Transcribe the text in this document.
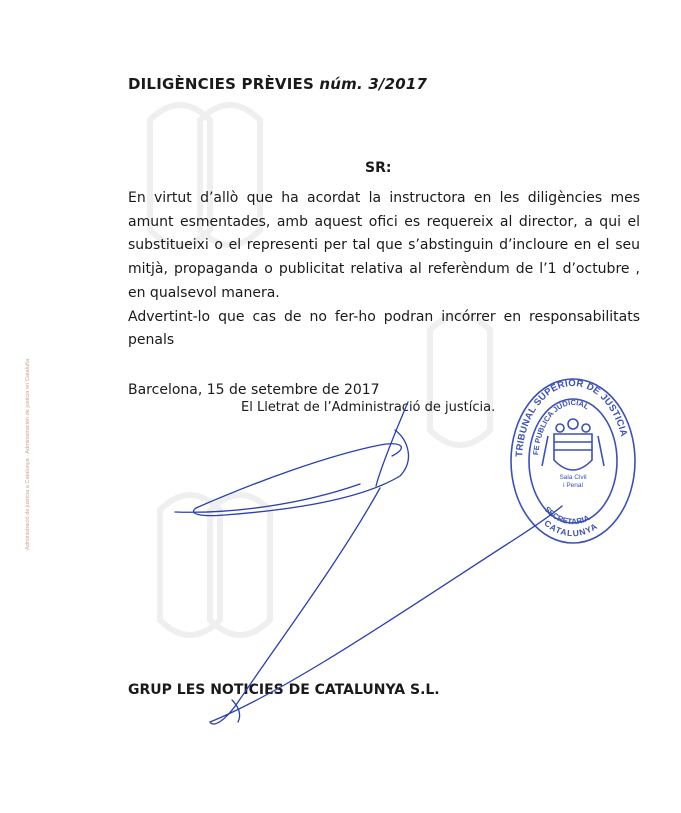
Administració de justícia a Catalunya · Administración de justicia en Cataluña
DILIGÈNCIES PRÈVIES núm. 3/2017
SR:

En virtut d’allò que ha acordat la instructora en les diligències mes amunt esmentades, amb aquest ofici es requereix al director, a qui el substitueixi o el representi per tal que s’abstinguin d’incloure en el seu mitjà, propaganda o publicitat relativa al referèndum de l’1 d’octubre , en qualsevol manera.

Advertint-lo que cas de no fer-ho podran incórrer en responsabilitats penals

Barcelona, 15 de setembre de 2017
El Lletrat de l’Administració de justícia.
GRUP LES NOTICIES DE CATALUNYA S.L.
TRIBUNAL SUPERIOR DE JUSTICIA
FE PUBLICA JUDICIAL
Sala Civil
i Penal
SECRETARIA
CATALUNYA
